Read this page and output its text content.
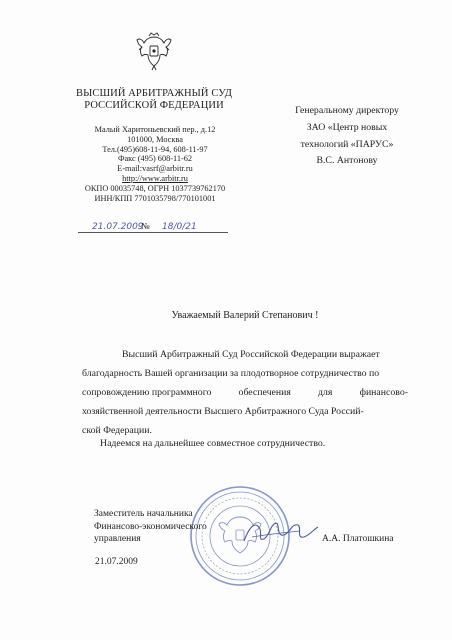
ВЫСШИЙ АРБИТРАЖНЫЙ СУД
РОССИЙСКОЙ ФЕДЕРАЦИИ
Малый Харитоньевский пер., д.12
101000, Москва
Тел.(495)608-11-94, 608-11-97
Факс (495) 608-11-62
E-mail:vasrf@arbitr.ru
http://www.arbitr.ru
ОКПО 00035748, ОГРН 1037739762170
ИНН/КПП 7701035798/770101001
21.07.2009
№ 18/0/21
Генеральному директору
ЗАО «Центр новых
технологий «ПАРУС»
В.С. Антонову
Уважаемый Валерий Степанович !
Высший Арбитражный Суд Российской Федерации выражает
благодарность Вашей организации за плодотворное сотрудничество по
сопровождению программного	обеспечения	для	финансово-
хозяйственной деятельности Высшего Арбитражного Суда Россий-
ской Федерации.
Надеемся на дальнейшее совместное сотрудничество.
Заместитель начальника
Финансово-экономического
управления
21.07.2009
А.А. Платошкина
